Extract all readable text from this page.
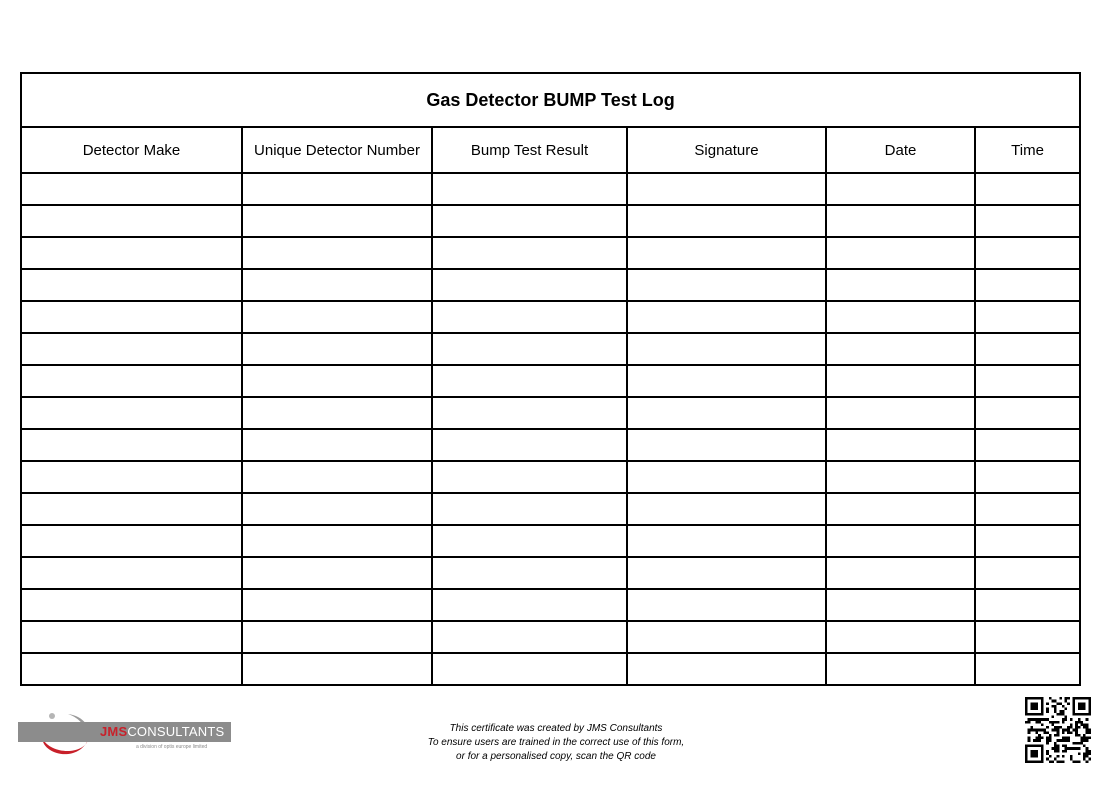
Gas Detector BUMP Test Log					
Detector Make	Unique Detector Number	Bump Test Result	Signature	Date	Time

JMSCONSULTANTS
a division of optis europe limited
This certificate was created by JMS Consultants
To ensure users are trained in the correct use of this form,
or for a personalised copy, scan the QR code
